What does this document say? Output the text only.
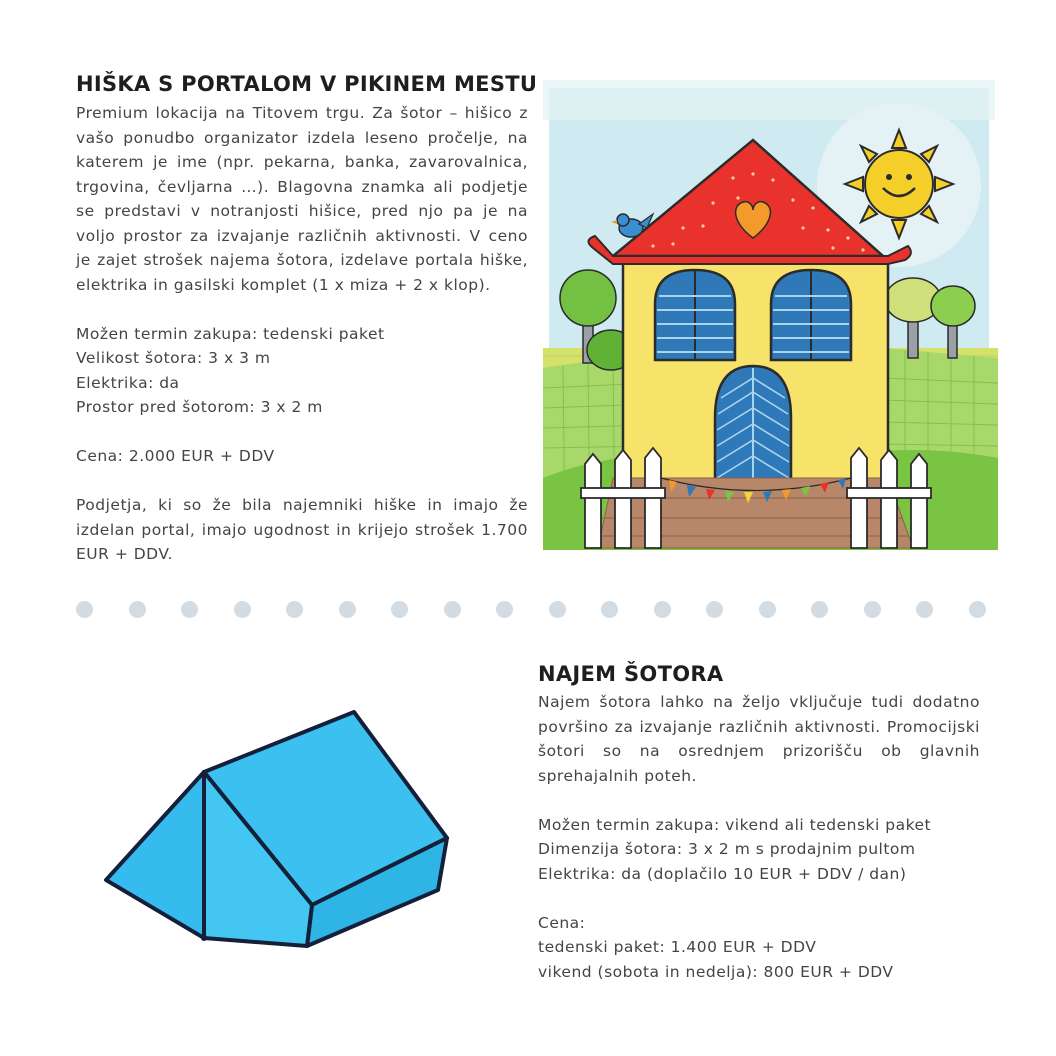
HIŠKA S PORTALOM V PIKINEM MESTU

Premium lokacija na Titovem trgu. Za šotor – hišico z vašo ponudbo organizator izdela leseno pročelje, na katerem je ime (npr. pekarna, banka, zavarovalnica, trgovina, čevljarna …). Blagovna znamka ali podjetje se predstavi v notranjosti hišice, pred njo pa je na voljo prostor za izvajanje različnih aktivnosti. V ceno je zajet strošek najema šotora, izdelave portala hiške, elektrika in gasilski komplet (1 x miza + 2 x klop).

Možen termin zakupa: tedenski paket

Velikost šotora: 3 x 3 m

Elektrika: da

Prostor pred šotorom: 3 x 2 m

Cena: 2.000 EUR + DDV

Podjetja, ki so že bila najemniki hiške in imajo že izdelan portal, imajo ugodnost in krijejo strošek 1.700 EUR + DDV.

NAJEM ŠOTORA

Najem šotora lahko na željo vključuje tudi dodatno površino za izvajanje različnih aktivnosti. Promocijski šotori so na osrednjem prizorišču ob glavnih sprehajalnih poteh.

Možen termin zakupa: vikend ali tedenski paket

Dimenzija šotora: 3 x 2 m s prodajnim pultom

Elektrika: da (doplačilo 10 EUR + DDV / dan)

Cena:

tedenski paket: 1.400 EUR + DDV

vikend (sobota in nedelja): 800 EUR + DDV
